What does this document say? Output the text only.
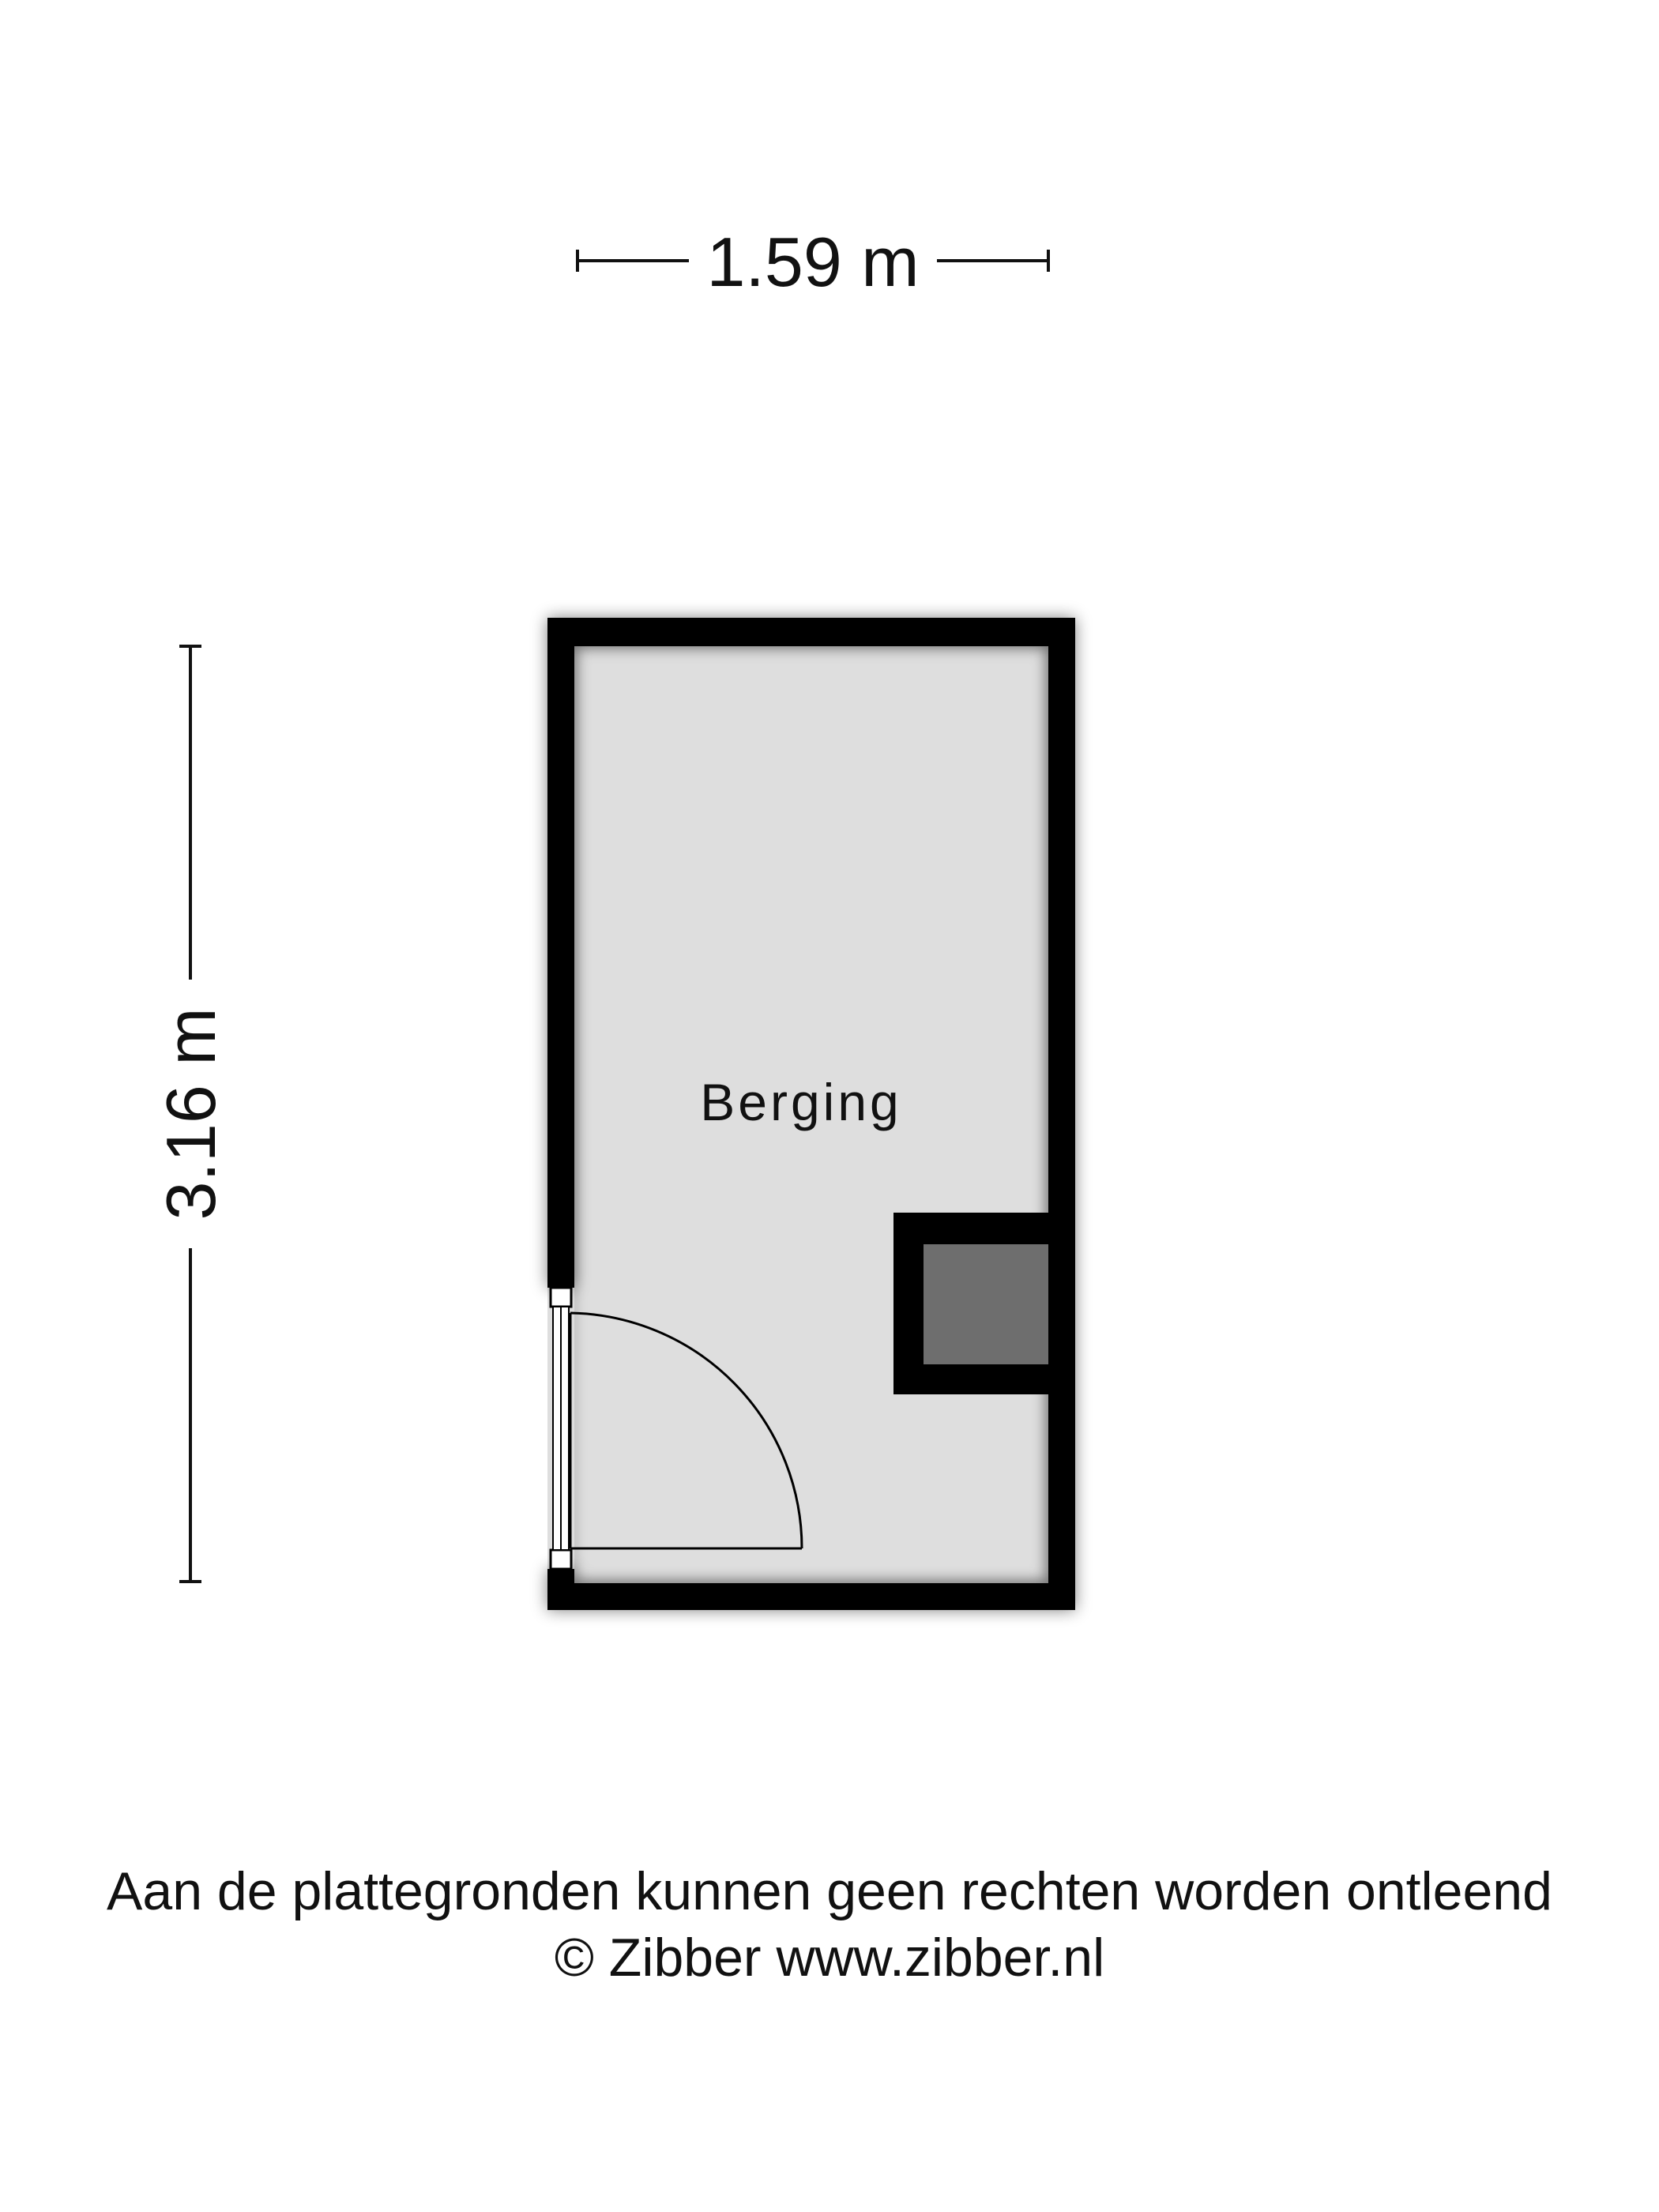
1.59 m
3.16 m	Berging
Aan de plattegronden kunnen geen rechten worden ontleend
© Zibber www.zibber.nl
